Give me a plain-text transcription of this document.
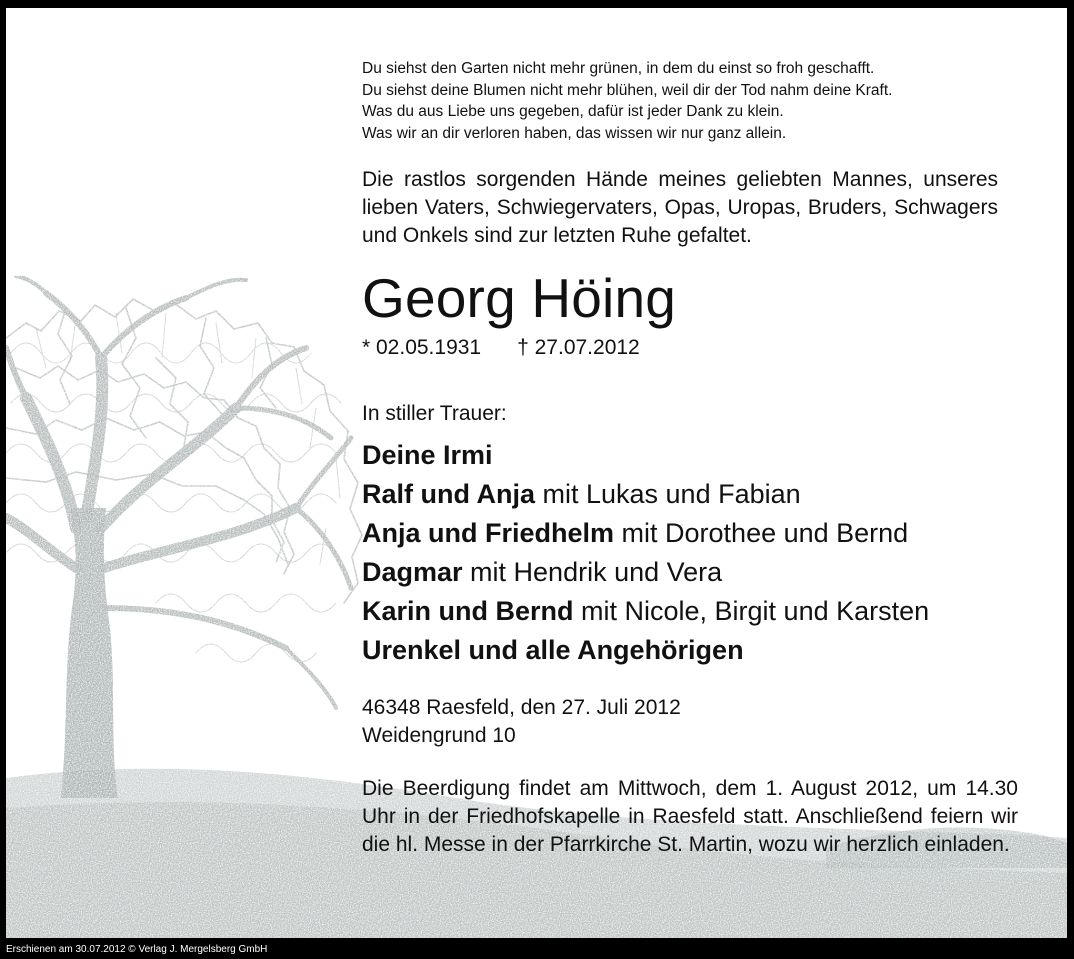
Du siehst den Garten nicht mehr grünen, in dem du einst so froh geschafft.
Du siehst deine Blumen nicht mehr blühen, weil dir der Tod nahm deine Kraft.
Was du aus Liebe uns gegeben, dafür ist jeder Dank zu klein.
Was wir an dir verloren haben, das wissen wir nur ganz allein.
Die rastlos sorgenden Hände meines geliebten Mannes, unseres lieben Vaters, Schwiegervaters, Opas, Uropas, Bruders, Schwagers und Onkels sind zur letzten Ruhe gefaltet.
Georg Höing
* 02.05.1931 † 27.07.2012
In stiller Trauer:
Deine Irmi
Ralf und Anja mit Lukas und Fabian
Anja und Friedhelm mit Dorothee und Bernd
Dagmar mit Hendrik und Vera
Karin und Bernd mit Nicole, Birgit und Karsten
Urenkel und alle Angehörigen
46348 Raesfeld, den 27. Juli 2012
Weidengrund 10
Die Beerdigung findet am Mittwoch, dem 1. August 2012, um 14.30 Uhr in der Friedhofskapelle in Raesfeld statt. Anschließend feiern wir die hl. Messe in der Pfarrkirche St. Martin, wozu wir herzlich einladen.
Erschienen am 30.07.2012 © Verlag J. Mergelsberg GmbH
